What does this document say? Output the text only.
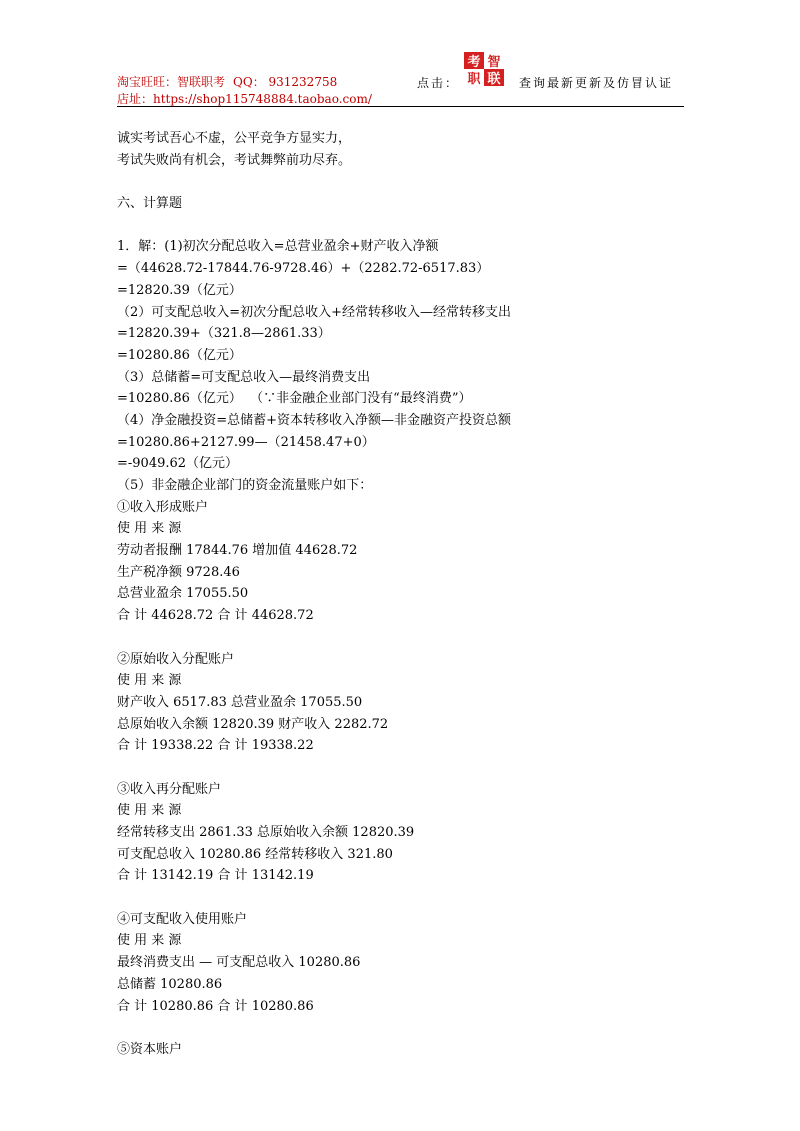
淘宝旺旺：智联职考 QQ： 931232758
店址：https://shop115748884.taobao.com/
点击：
考 智
职 联 查询最新更新及仿冒认证
诚实考试吾心不虚，公平竞争方显实力，
考试失败尚有机会，考试舞弊前功尽弃。
六、计算题
1．解：(1)初次分配总收入=总营业盈余+财产收入净额
=（44628.72-17844.76-9728.46）+（2282.72-6517.83）
=12820.39（亿元）
（2）可支配总收入=初次分配总收入+经常转移收入—经常转移支出
=12820.39+（321.8—2861.33）
=10280.86（亿元）
（3）总储蓄=可支配总收入—最终消费支出
=10280.86（亿元）  （∵非金融企业部门没有“最终消费”）
（4）净金融投资=总储蓄+资本转移收入净额—非金融资产投资总额
=10280.86+2127.99—（21458.47+0）
=-9049.62（亿元）
（5）非金融企业部门的资金流量账户如下：
①收入形成账户
使 用 来 源
劳动者报酬 17844.76 增加值 44628.72
生产税净额 9728.46
总营业盈余 17055.50
合 计 44628.72 合 计 44628.72
②原始收入分配账户
使 用 来 源
财产收入 6517.83 总营业盈余 17055.50
总原始收入余额 12820.39 财产收入 2282.72
合 计 19338.22 合 计 19338.22
③收入再分配账户
使 用 来 源
经常转移支出 2861.33 总原始收入余额 12820.39
可支配总收入 10280.86 经常转移收入 321.80
合 计 13142.19 合 计 13142.19
④可支配收入使用账户
使 用 来 源
最终消费支出 — 可支配总收入 10280.86
总储蓄 10280.86
合 计 10280.86 合 计 10280.86
⑤资本账户
